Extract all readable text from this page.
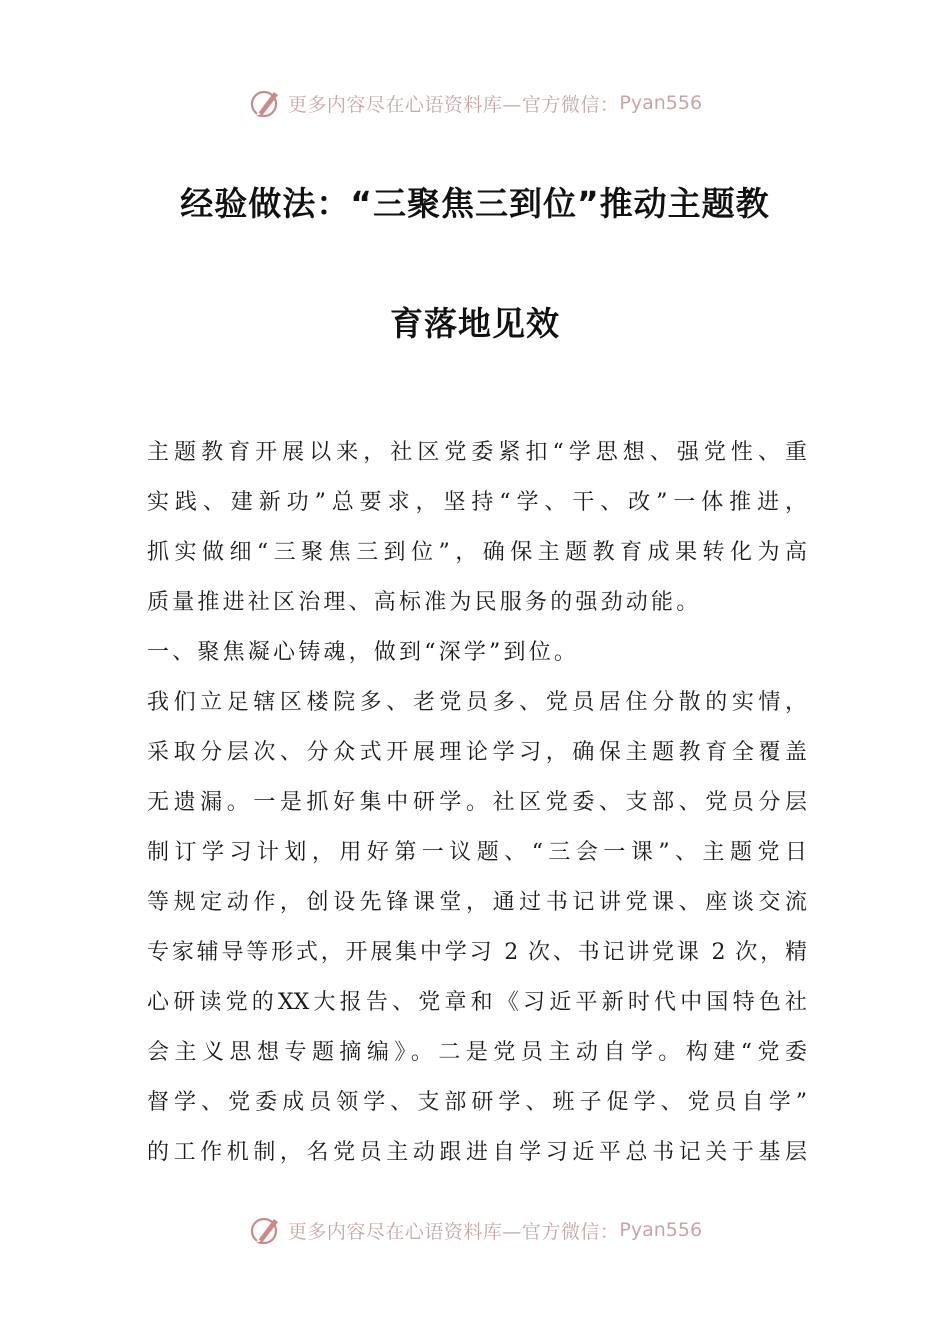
更多内容尽在心语资料库—官方微信： Pyan556
经验做法：“三聚焦三到位”推动主题教
育落地见效
主题教育开展以来，社区党委紧扣“学思想、强党性、重
实践、建新功”总要求，坚持“学、干、改”一体推进，
抓实做细“三聚焦三到位”，确保主题教育成果转化为高
质量推进社区治理、高标准为民服务的强劲动能。
一、聚焦凝心铸魂，做到“深学”到位。
我们立足辖区楼院多、老党员多、党员居住分散的实情，
采取分层次、分众式开展理论学习，确保主题教育全覆盖
无遗漏。一是抓好集中研学。社区党委、支部、党员分层
制订学习计划，用好第一议题、“三会一课”、主题党日
等规定动作，创设先锋课堂，通过书记讲党课、座谈交流
专家辅导等形式，开展集中学习 2 次、书记讲党课 2 次，精
心研读党的XX大报告、党章和《习近平新时代中国特色社
会主义思想专题摘编》。二是党员主动自学。构建“党委
督学、党委成员领学、支部研学、班子促学、党员自学”
的工作机制，名党员主动跟进自学习近平总书记关于基层
更多内容尽在心语资料库—官方微信： Pyan556
